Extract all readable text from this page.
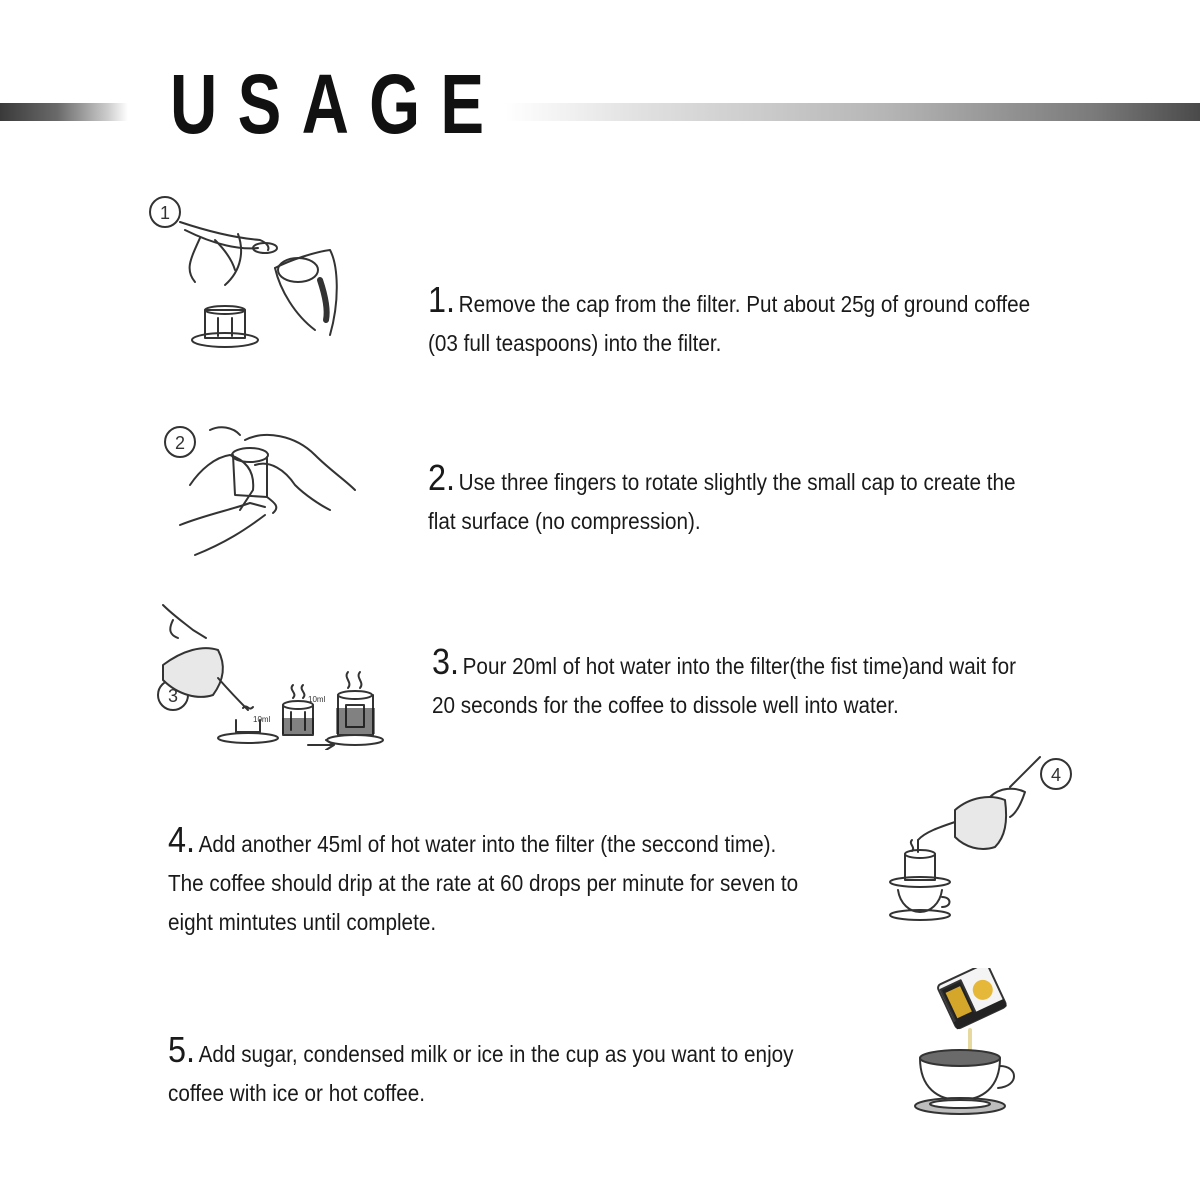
USAGE
1

1. Remove the cap from the filter. Put about 25g of ground coffee
(03 full teaspoons) into the filter.

2

2. Use three fingers to rotate slightly the small cap to create the
flat surface (no compression).

3
10ml
10ml

3. Pour 20ml of hot water into the filter(the fist time)and wait for
20 seconds for the coffee to dissole well into water.

4. Add another 45ml of hot water into the filter (the seccond time).
The coffee should drip at the rate at 60 drops per minute for seven to
eight mintutes until complete.

4

5. Add sugar, condensed milk or ice in the cup as you want to enjoy
coffee with ice or hot coffee.
